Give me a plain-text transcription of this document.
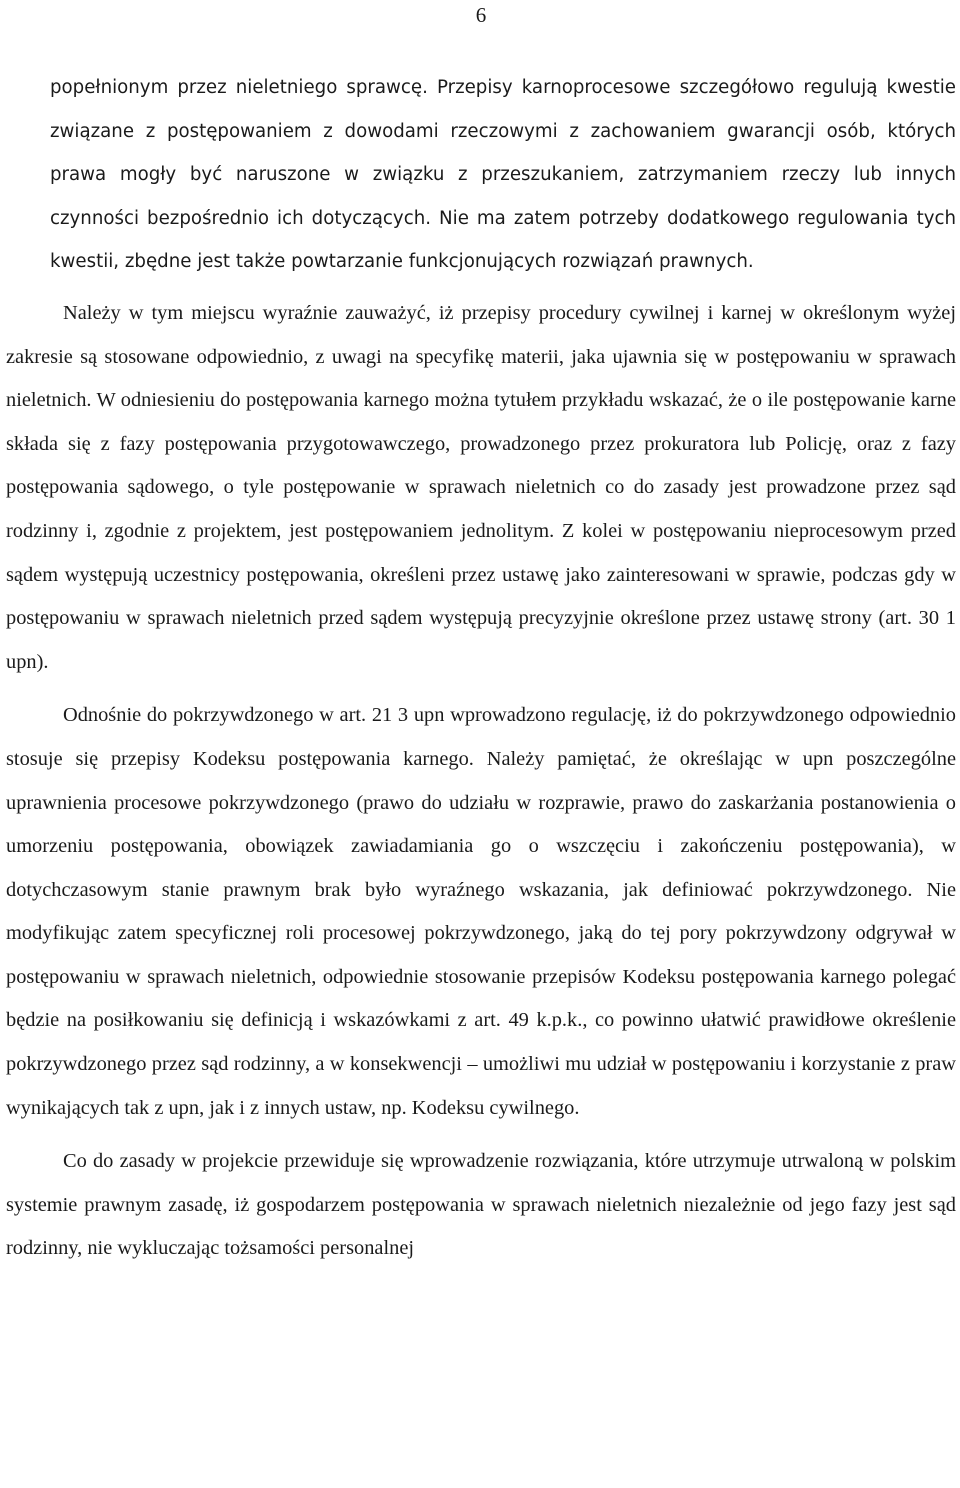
6

popełnionym przez nieletniego sprawcę. Przepisy karnoprocesowe szczegółowo regulują kwestie związane z postępowaniem z dowodami rzeczowymi z zachowaniem gwarancji osób, których prawa mogły być naruszone w związku z przeszukaniem, zatrzymaniem rzeczy lub innych czynności bezpośrednio ich dotyczących. Nie ma zatem potrzeby dodatkowego regulowania tych kwestii, zbędne jest także powtarzanie funkcjonujących rozwiązań prawnych.

Należy w tym miejscu wyraźnie zauważyć, iż przepisy procedury cywilnej i karnej w określonym wyżej zakresie są stosowane odpowiednio, z uwagi na specyfikę materii, jaka ujawnia się w postępowaniu w sprawach nieletnich. W odniesieniu do postępowania karnego można tytułem przykładu wskazać, że o ile postępowanie karne składa się z fazy postępowania przygotowawczego, prowadzonego przez prokuratora lub Policję, oraz z fazy postępowania sądowego, o tyle postępowanie w sprawach nieletnich co do zasady jest prowadzone przez sąd rodzinny i, zgodnie z projektem, jest postępowaniem jednolitym. Z kolei w postępowaniu nieprocesowym przed sądem występują uczestnicy postępowania, określeni przez ustawę jako zainteresowani w sprawie, podczas gdy w postępowaniu w sprawach nieletnich przed sądem występują precyzyjnie określone przez ustawę strony (art. 30 1 upn).

Odnośnie do pokrzywdzonego w art. 21 3 upn wprowadzono regulację, iż do pokrzywdzonego odpowiednio stosuje się przepisy Kodeksu postępowania karnego. Należy pamiętać, że określając w upn poszczególne uprawnienia procesowe pokrzywdzonego (prawo do udziału w rozprawie, prawo do zaskarżania postanowienia o umorzeniu postępowania, obowiązek zawiadamiania go o wszczęciu i zakończeniu postępowania), w dotychczasowym stanie prawnym brak było wyraźnego wskazania, jak definiować pokrzywdzonego. Nie modyfikując zatem specyficznej roli procesowej pokrzywdzonego, jaką do tej pory pokrzywdzony odgrywał w postępowaniu w sprawach nieletnich, odpowiednie stosowanie przepisów Kodeksu postępowania karnego polegać będzie na posiłkowaniu się definicją i wskazówkami z art. 49 k.p.k., co powinno ułatwić prawidłowe określenie pokrzywdzonego przez sąd rodzinny, a w konsekwencji – umożliwi mu udział w postępowaniu i korzystanie z praw wynikających tak z upn, jak i z innych ustaw, np. Kodeksu cywilnego.

Co do zasady w projekcie przewiduje się wprowadzenie rozwiązania, które utrzymuje utrwaloną w polskim systemie prawnym zasadę, iż gospodarzem postępowania w sprawach nieletnich niezależnie od jego fazy jest sąd rodzinny, nie wykluczając tożsamości personalnej
